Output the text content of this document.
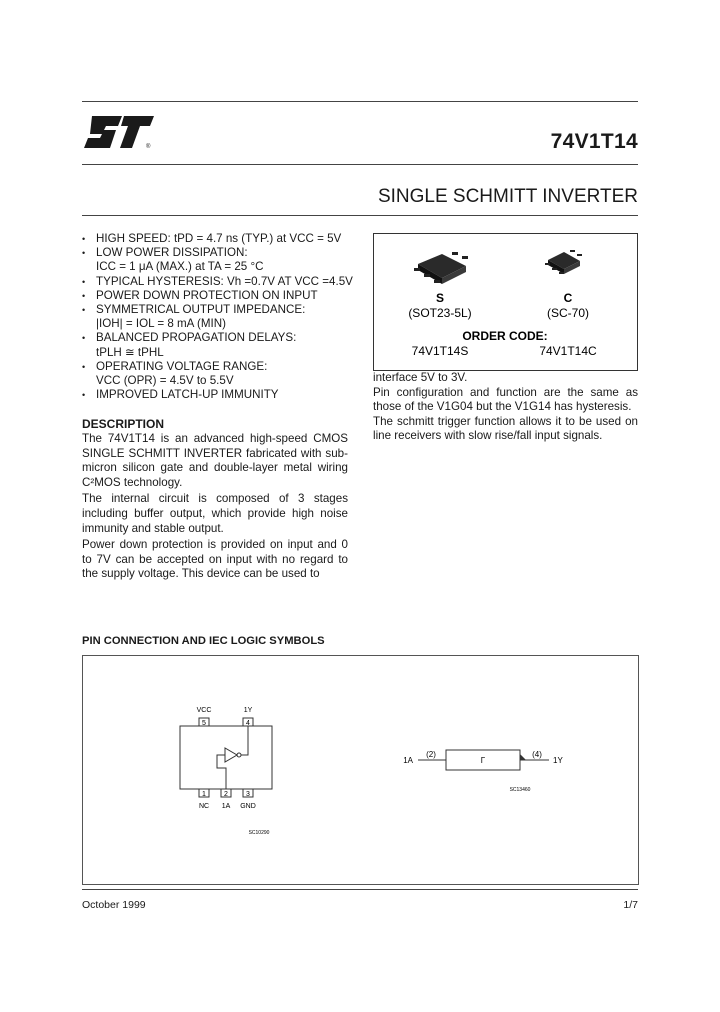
®	74V1T14
SINGLE SCHMITT INVERTER
• HIGH SPEED: tPD = 4.7 ns (TYP.) at VCC = 5V
• LOW POWER DISSIPATION:
ICC = 1 μA (MAX.) at TA = 25 °C
• TYPICAL HYSTERESIS: Vh =0.7V AT VCC =4.5V
• POWER DOWN PROTECTION ON INPUT
• SYMMETRICAL OUTPUT IMPEDANCE:
|IOH| = IOL = 8 mA (MIN)
• BALANCED PROPAGATION DELAYS:
tPLH ≅ tPHL
• OPERATING VOLTAGE RANGE:
VCC (OPR) = 4.5V to 5.5V
• IMPROVED LATCH-UP IMMUNITY
DESCRIPTION

The 74V1T14 is an advanced high-speed CMOS SINGLE SCHMITT INVERTER fabricated with sub-micron silicon gate and double-layer metal wiring C²MOS technology.

The internal circuit is composed of 3 stages including buffer output, which provide high noise immunity and stable output.

Power down protection is provided on input and 0 to 7V can be accepted on input with no regard to the supply voltage. This device can be used to

S
(SOT23-5L)
C
(SC-70)
ORDER CODE:
74V1T14S	74V1T14C

interface 5V to 3V.

Pin configuration and function are the same as those of the V1G04 but the V1G14 has hysteresis.

The schmitt trigger function allows it to be used on line receivers with slow rise/fall input signals.

PIN CONNECTION AND IEC LOGIC SYMBOLS
5	4
VCC	1Y
1	2	3
NC 1A GND
SC10290
1A
(2)
Γ
(4)
1Y
SC13460
October 1999	1/7
